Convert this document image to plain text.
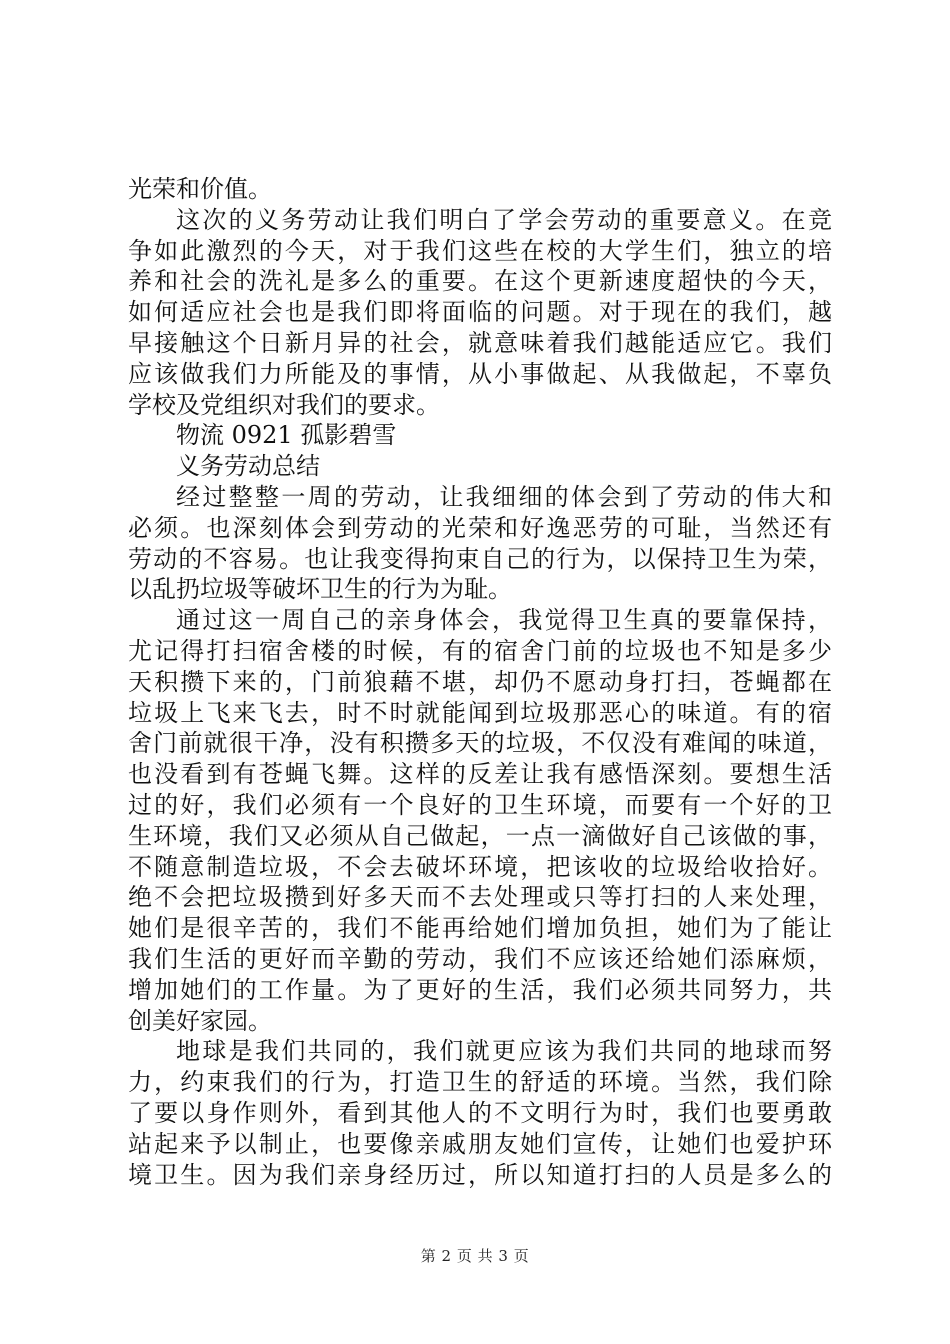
光荣和价值。
这次的义务劳动让我们明白了学会劳动的重要意义。在竞
争如此激烈的今天，对于我们这些在校的大学生们，独立的培
养和社会的洗礼是多么的重要。在这个更新速度超快的今天，
如何适应社会也是我们即将面临的问题。对于现在的我们，越
早接触这个日新月异的社会，就意味着我们越能适应它。我们
应该做我们力所能及的事情，从小事做起、从我做起，不辜负
学校及党组织对我们的要求。
物流 0921 孤影碧雪
义务劳动总结
经过整整一周的劳动，让我细细的体会到了劳动的伟大和
必须。也深刻体会到劳动的光荣和好逸恶劳的可耻，当然还有
劳动的不容易。也让我变得拘束自己的行为，以保持卫生为荣，
以乱扔垃圾等破坏卫生的行为为耻。
通过这一周自己的亲身体会，我觉得卫生真的要靠保持，
尤记得打扫宿舍楼的时候，有的宿舍门前的垃圾也不知是多少
天积攒下来的，门前狼藉不堪，却仍不愿动身打扫，苍蝇都在
垃圾上飞来飞去，时不时就能闻到垃圾那恶心的味道。有的宿
舍门前就很干净，没有积攒多天的垃圾，不仅没有难闻的味道，
也没看到有苍蝇飞舞。这样的反差让我有感悟深刻。要想生活
过的好，我们必须有一个良好的卫生环境，而要有一个好的卫
生环境，我们又必须从自己做起，一点一滴做好自己该做的事，
不随意制造垃圾，不会去破坏环境，把该收的垃圾给收拾好。
绝不会把垃圾攒到好多天而不去处理或只等打扫的人来处理，
她们是很辛苦的，我们不能再给她们增加负担，她们为了能让
我们生活的更好而辛勤的劳动，我们不应该还给她们添麻烦，
增加她们的工作量。为了更好的生活，我们必须共同努力，共
创美好家园。
地球是我们共同的，我们就更应该为我们共同的地球而努
力，约束我们的行为，打造卫生的舒适的环境。当然，我们除
了要以身作则外，看到其他人的不文明行为时，我们也要勇敢
站起来予以制止，也要像亲戚朋友她们宣传，让她们也爱护环
境卫生。因为我们亲身经历过，所以知道打扫的人员是多么的
第 2 页 共 3 页
